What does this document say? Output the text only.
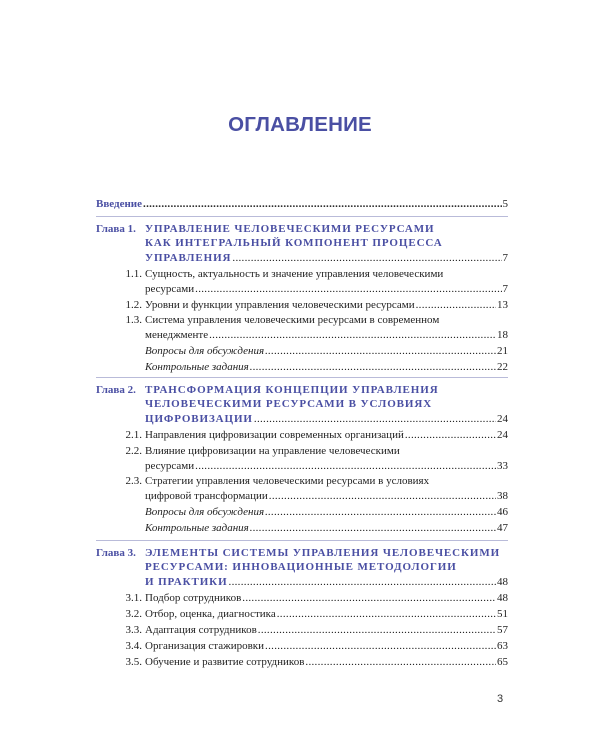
ОГЛАВЛЕНИЕ
Введение .....	5
Глава 1. УПРАВЛЕНИЕ ЧЕЛОВЕЧЕСКИМИ РЕСУРСАМИ
КАК ИНТЕГРАЛЬНЫЙ КОМПОНЕНТ ПРОЦЕССА
УПРАВЛЕНИЯ .....	7
1.1. Сущность, актуальность и значение управления человеческими
ресурсами .....	7
1.2. Уровни и функции управления человеческими ресурсами .....	13
1.3. Система управления человеческими ресурсами в современном
менеджменте .....	18
Вопросы для обсуждения .....	21
Контрольные задания .....	22
Глава 2. ТРАНСФОРМАЦИЯ КОНЦЕПЦИИ УПРАВЛЕНИЯ
ЧЕЛОВЕЧЕСКИМИ РЕСУРСАМИ В УСЛОВИЯХ
ЦИФРОВИЗАЦИИ .....	24
2.1. Направления цифровизации современных организаций .....	24
2.2. Влияние цифровизации на управление человеческими
ресурсами .....	33
2.3. Стратегии управления человеческими ресурсами в условиях
цифровой трансформации .....	38
Вопросы для обсуждения .....	46
Контрольные задания .....	47
Глава 3. ЭЛЕМЕНТЫ СИСТЕМЫ УПРАВЛЕНИЯ ЧЕЛОВЕЧЕСКИМИ
РЕСУРСАМИ: ИННОВАЦИОННЫЕ МЕТОДОЛОГИИ
И ПРАКТИКИ .....	48
3.1. Подбор сотрудников .....	48
3.2. Отбор, оценка, диагностика .....	51
3.3. Адаптация сотрудников .....	57
3.4. Организация стажировки .....	63
3.5. Обучение и развитие сотрудников .....	65
3
